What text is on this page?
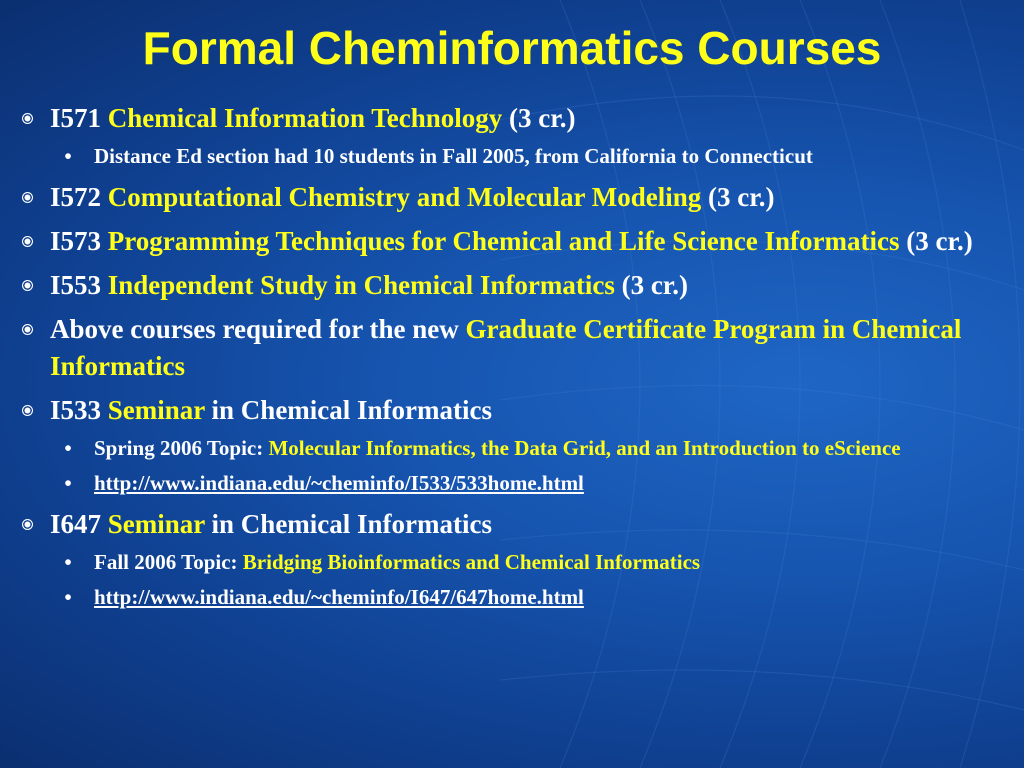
Formal Cheminformatics Courses
I571 Chemical Information Technology (3 cr.)
•	Distance Ed section had 10 students in Fall 2005, from California to Connecticut
I572 Computational Chemistry and Molecular Modeling (3 cr.)
I573 Programming Techniques for Chemical and Life Science Informatics (3 cr.)
I553 Independent Study in Chemical Informatics (3 cr.)
Above courses required for the new Graduate Certificate Program in Chemical Informatics
I533 Seminar in Chemical Informatics
•	Spring 2006 Topic: Molecular Informatics, the Data Grid, and an Introduction to eScience
•	http://www.indiana.edu/~cheminfo/I533/533home.html
I647 Seminar in Chemical Informatics
•	Fall 2006 Topic: Bridging Bioinformatics and Chemical Informatics
•	http://www.indiana.edu/~cheminfo/I647/647home.html
